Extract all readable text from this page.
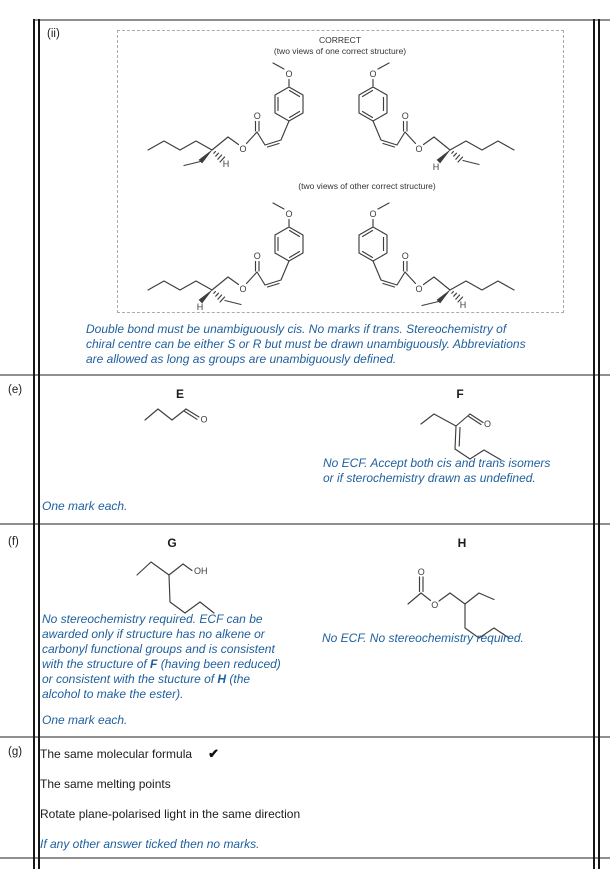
(ii)	CORRECT
(two views of one correct structure)
(two views of other correct structure)
O
O
O
H
O
O
O
H
O
O
O
H
O
O
O
H
Double bond must be unambiguously cis. No marks if trans. Stereochemistry of
chiral centre can be either S or R but must be drawn unambiguously. Abbreviations
are allowed as long as groups are unambiguously defined.
(e)	E	F
O	O
No ECF. Accept both cis and trans isomers
or if sterochemistry drawn as undefined.
One mark each.
(f)	G	H
OH	O
O
No stereochemistry required. ECF can be
awarded only if structure has no alkene or
carbonyl functional groups and is consistent
with the structure of F (having been reduced)
or consistent with the stucture of H (the
alcohol to make the ester).
No ECF. No stereochemistry required.
One mark each.
(g) The same molecular formula ✔
The same melting points
Rotate plane-polarised light in the same direction
If any other answer ticked then no marks.
